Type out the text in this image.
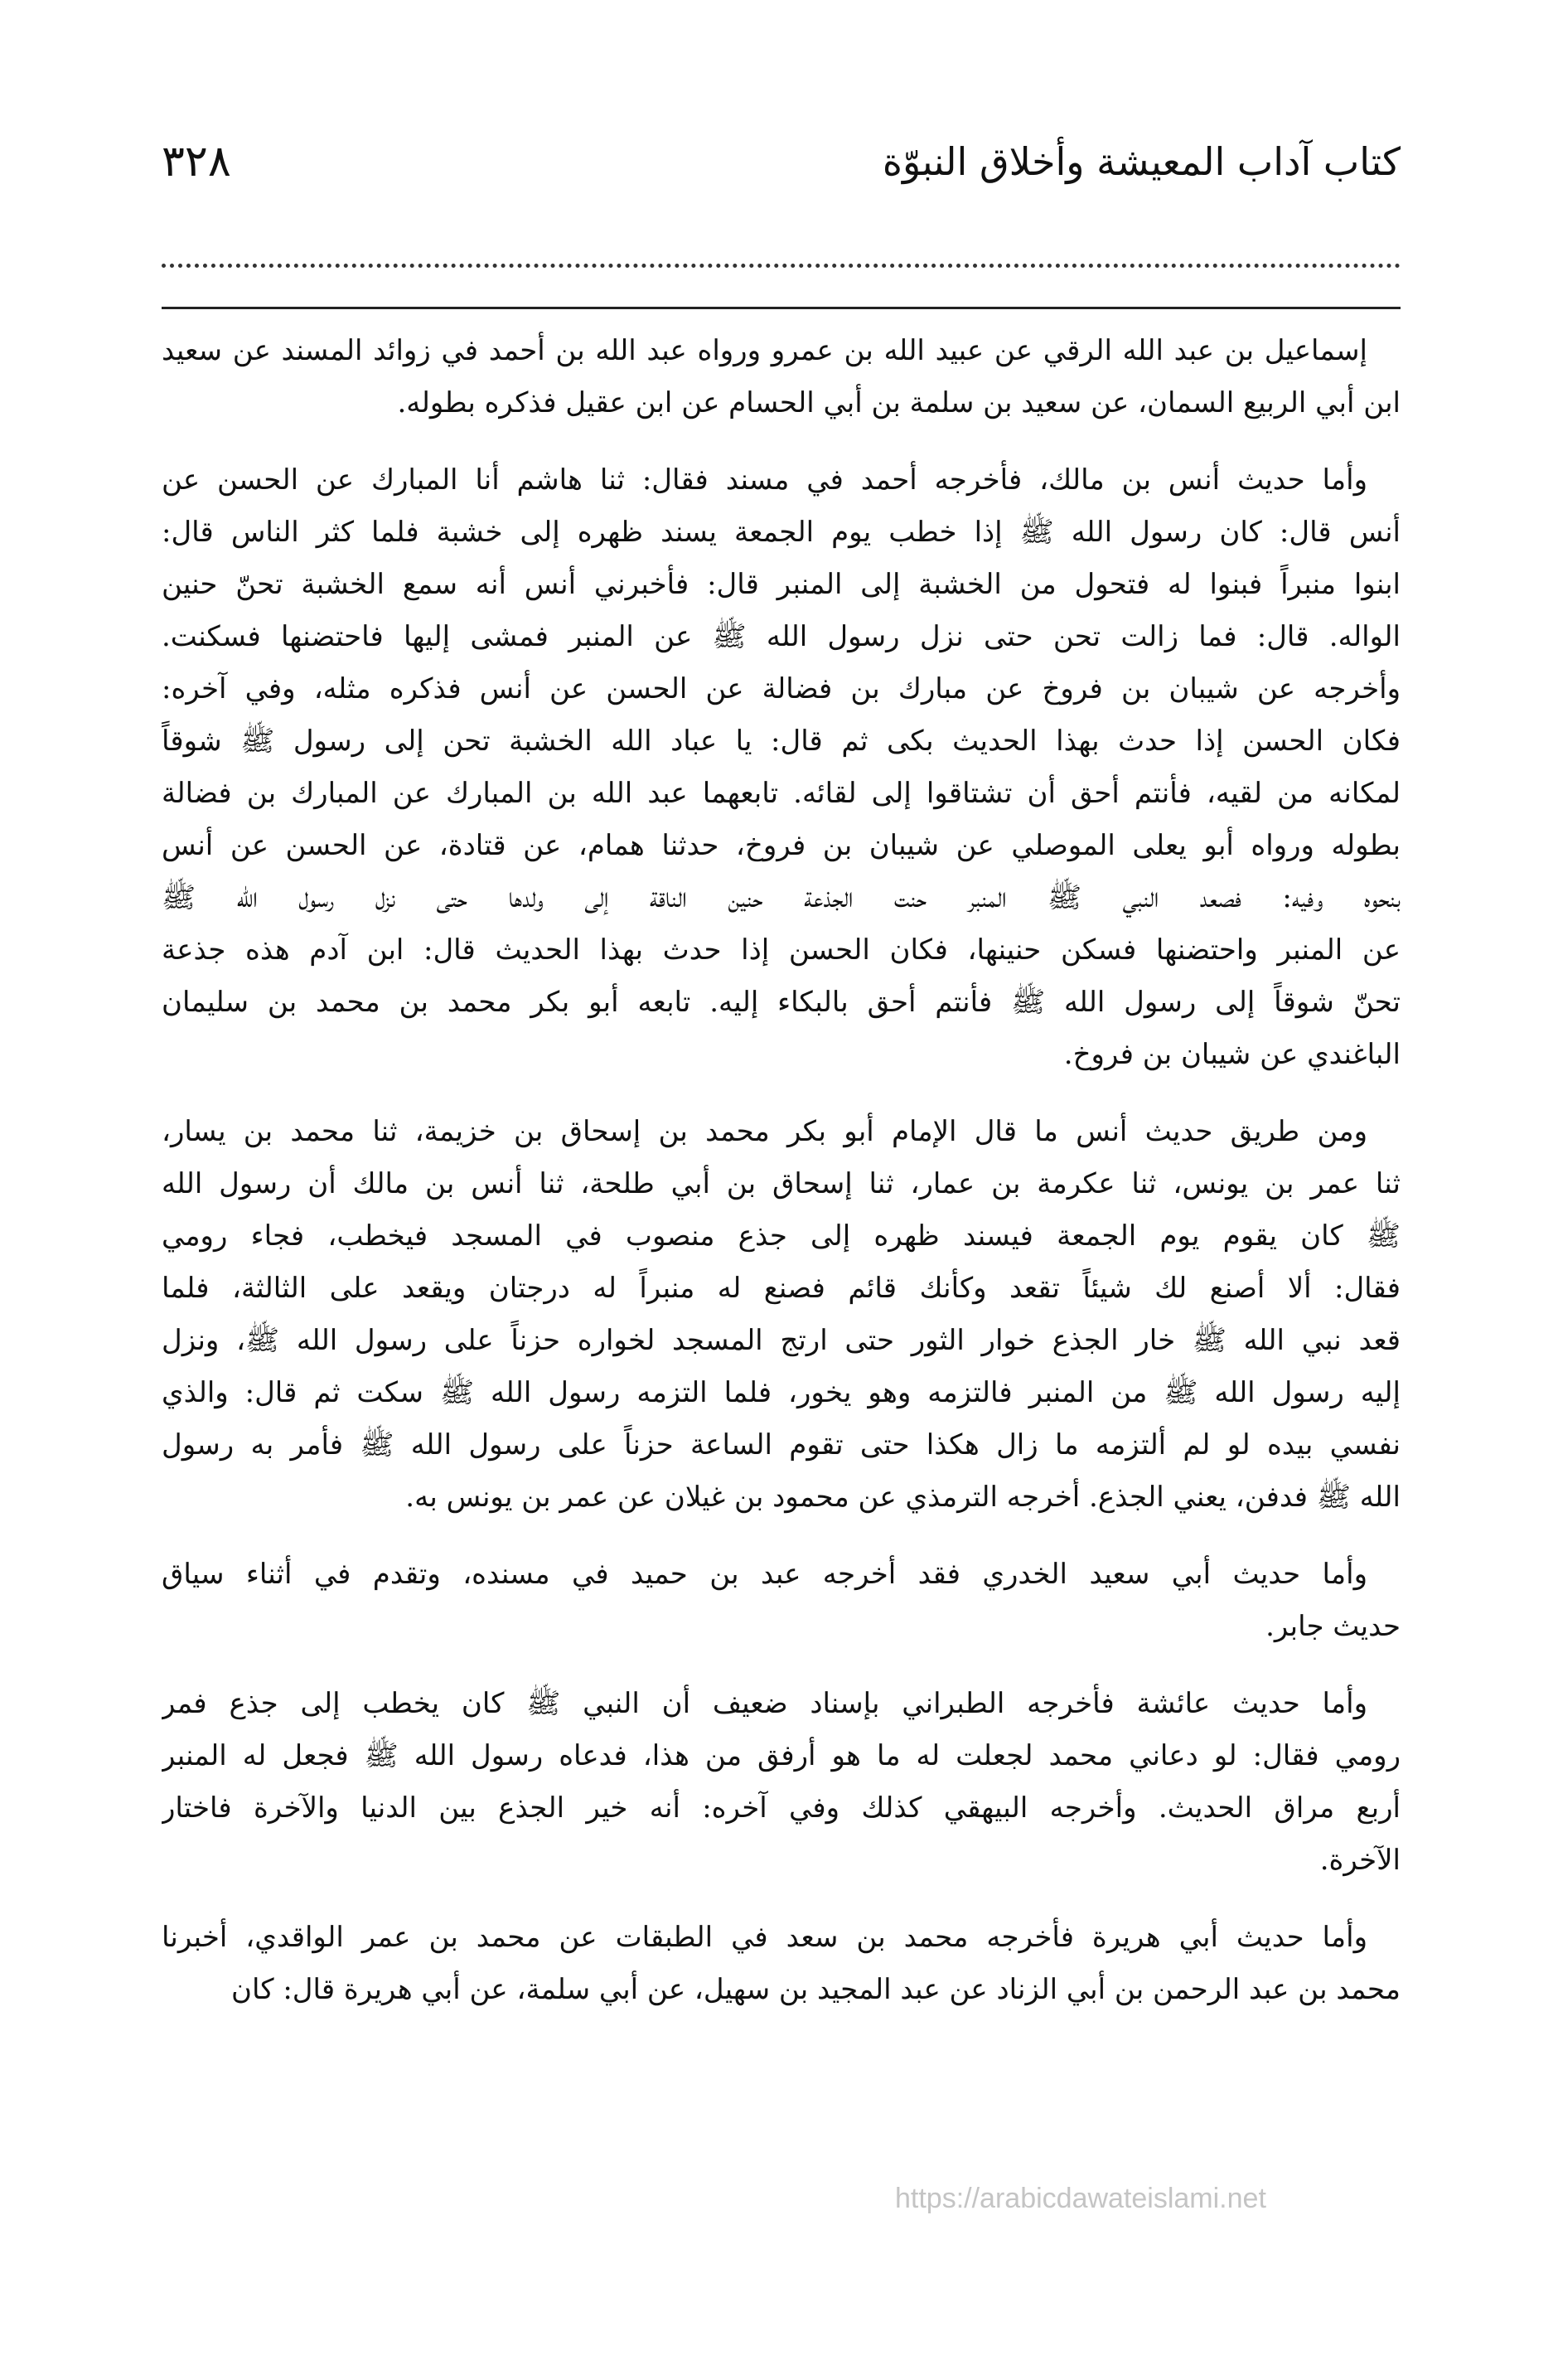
كتاب آداب المعيشة وأخلاق النبوّة
٣٢٨
إسماعيل بن عبد الله الرقي عن عبيد الله بن عمرو ورواه عبد الله بن أحمد في زوائد المسند عن سعيد
ابن أبي الربيع السمان، عن سعيد بن سلمة بن أبي الحسام عن ابن عقيل فذكره بطوله.
وأما حديث أنس بن مالك، فأخرجه أحمد في مسند فقال: ثنا هاشم أنا المبارك عن الحسن عن
أنس قال: كان رسول الله ﷺ إذا خطب يوم الجمعة يسند ظهره إلى خشبة فلما كثر الناس قال:
ابنوا منبراً فبنوا له فتحول من الخشبة إلى المنبر قال: فأخبرني أنس أنه سمع الخشبة تحنّ حنين
الواله. قال: فما زالت تحن حتى نزل رسول الله ﷺ عن المنبر فمشى إليها فاحتضنها فسكنت.
وأخرجه عن شيبان بن فروخ عن مبارك بن فضالة عن الحسن عن أنس فذكره مثله، وفي آخره:
فكان الحسن إذا حدث بهذا الحديث بكى ثم قال: يا عباد الله الخشبة تحن إلى رسول ﷺ شوقاً
لمكانه من لقيه، فأنتم أحق أن تشتاقوا إلى لقائه. تابعهما عبد الله بن المبارك عن المبارك بن فضالة
بطوله ورواه أبو يعلى الموصلي عن شيبان بن فروخ، حدثنا همام، عن قتادة، عن الحسن عن أنس
بنحوه وفيه: فصعد النبي ﷺ المنبر حنت الجذعة حنين الناقة إلى ولدها حتى نزل رسول الله ﷺ
عن المنبر واحتضنها فسكن حنينها، فكان الحسن إذا حدث بهذا الحديث قال: ابن آدم هذه جذعة
تحنّ شوقاً إلى رسول الله ﷺ فأنتم أحق بالبكاء إليه. تابعه أبو بكر محمد بن محمد بن سليمان
الباغندي عن شيبان بن فروخ.
ومن طريق حديث أنس ما قال الإمام أبو بكر محمد بن إسحاق بن خزيمة، ثنا محمد بن يسار،
ثنا عمر بن يونس، ثنا عكرمة بن عمار، ثنا إسحاق بن أبي طلحة، ثنا أنس بن مالك أن رسول الله
ﷺ كان يقوم يوم الجمعة فيسند ظهره إلى جذع منصوب في المسجد فيخطب، فجاء رومي
فقال: ألا أصنع لك شيئاً تقعد وكأنك قائم فصنع له منبراً له درجتان ويقعد على الثالثة، فلما
قعد نبي الله ﷺ خار الجذع خوار الثور حتى ارتج المسجد لخواره حزناً على رسول الله ﷺ، ونزل
إليه رسول الله ﷺ من المنبر فالتزمه وهو يخور، فلما التزمه رسول الله ﷺ سكت ثم قال: والذي
نفسي بيده لو لم ألتزمه ما زال هكذا حتى تقوم الساعة حزناً على رسول الله ﷺ فأمر به رسول
الله ﷺ فدفن، يعني الجذع. أخرجه الترمذي عن محمود بن غيلان عن عمر بن يونس به.
وأما حديث أبي سعيد الخدري فقد أخرجه عبد بن حميد في مسنده، وتقدم في أثناء سياق
حديث جابر.
وأما حديث عائشة فأخرجه الطبراني بإسناد ضعيف أن النبي ﷺ كان يخطب إلى جذع فمر
رومي فقال: لو دعاني محمد لجعلت له ما هو أرفق من هذا، فدعاه رسول الله ﷺ فجعل له المنبر
أربع مراق الحديث. وأخرجه البيهقي كذلك وفي آخره: أنه خير الجذع بين الدنيا والآخرة فاختار
الآخرة.
وأما حديث أبي هريرة فأخرجه محمد بن سعد في الطبقات عن محمد بن عمر الواقدي، أخبرنا
محمد بن عبد الرحمن بن أبي الزناد عن عبد المجيد بن سهيل، عن أبي سلمة، عن أبي هريرة قال: كان
https://arabicdawateislami.net
